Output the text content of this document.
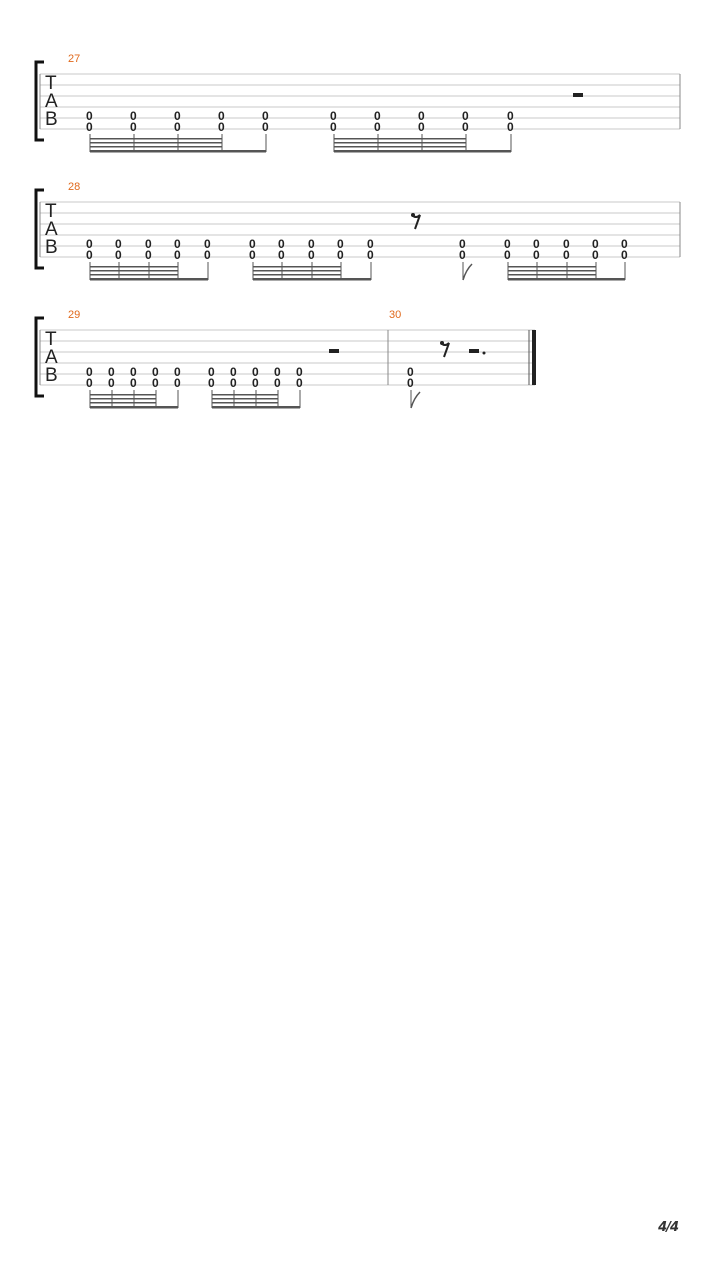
27
T
A
B 0
0
0
0
0
0
0
0
0
0
0
0
0
0
0
0
0
0
0
0
28
T
A
B 0
0
0
0
0
0
0
0
0
0
0
0
0
0
0
0
0
0
0
0
0
0
0
0
0
0
0
0
0
0
0
0
29	30
T
A
B 0
0
0
0
0
0
0
0
0
0
0
0
0
0
0
0
0
0
0
0
0
0
4/4
